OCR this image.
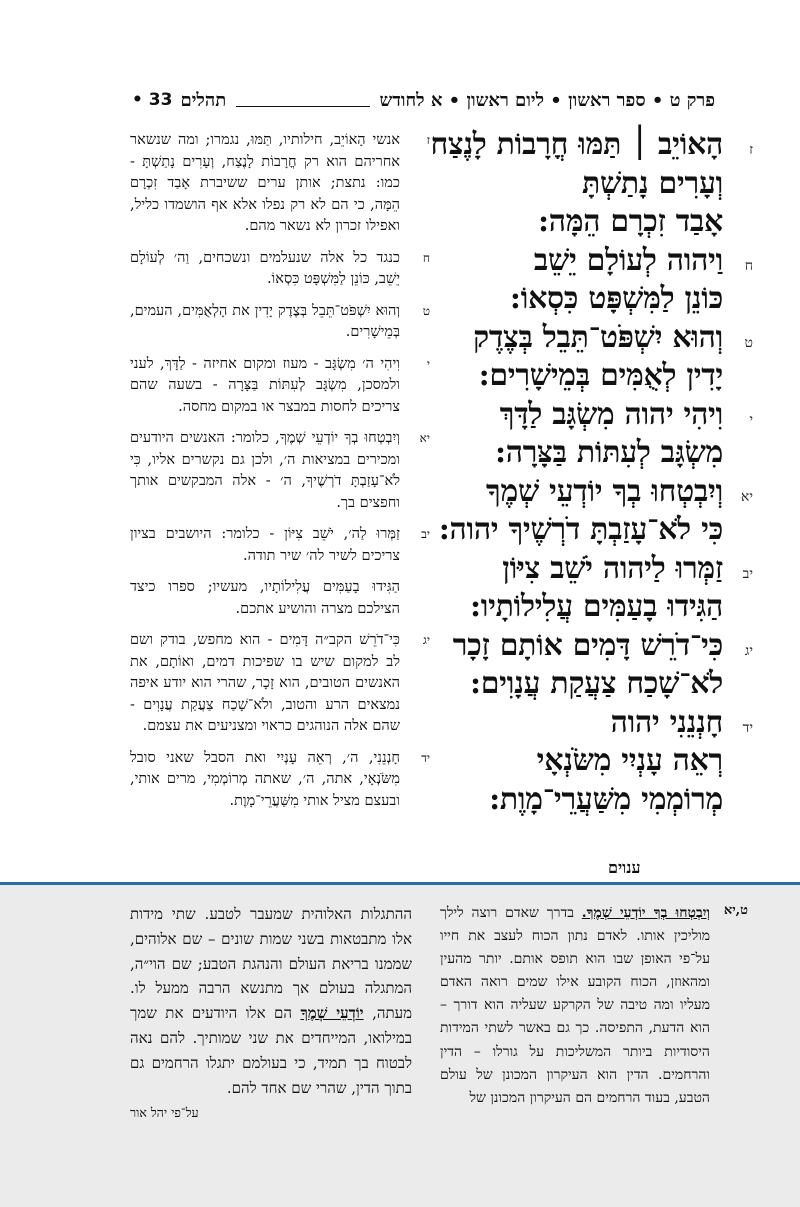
פרק ט • ספר ראשון • ליום ראשון • א לחודש
תהלים
33 •
ז
הָאוֹיֵב ׀ תַּמּוּ חֳרָבוֹת לָנֶצַח
וְעָרִים נָתַשְׁתָּ
אָבַד זִכְרָם הֵמָּה:
ח
וַיהוה לְעוֹלָם יֵשֵׁב
כּוֹנֵן לַמִּשְׁפָּט כִּסְאוֹ:
ט
וְהוּא יִשְׁפֹּט־תֵּבֵל בְּצֶדֶק
יָדִין לְאֻמִּים בְּמֵישָׁרִים:
י
וִיהִי יהוה מִשְׂגָּב לַדָּךְ
מִשְׂגָּב לְעִתּוֹת בַּצָּרָה:
יא
וְיִבְטְחוּ בְךָ יוֹדְעֵי שְׁמֶךָ
כִּי לֹא־עָזַבְתָּ דֹרְשֶׁיךָ יהוה:
יב
זַמְּרוּ לַיהוה יֹשֵׁב צִיּוֹן
הַגִּידוּ בָעַמִּים עֲלִילוֹתָיו:
יג
כִּי־דֹרֵשׁ דָּמִים אוֹתָם זָכָר
לֹא־שָׁכַח צַעֲקַת עֲנָוִים:
יד
חָנְנֵנִי יהוה
רְאֵה עָנְיִי מִשֹּׂנְאָי
מְרוֹמְמִי מִשַּׁעֲרֵי־מָוֶת:
ז
אנשי הָאוֹיֵב, חילותיו, תַּמּוּ, נגמרו; ומה שנשאר אחריהם הוא רק חֳרָבוֹת לָנֶצַח, וְעָרִים נָתַשְׁתָּ - כמו: נתצת; אותן ערים ששיברת אָבַד זִכְרָם הֵמָּה, כי הם לא רק נפלו אלא אף הושמדו כליל, ואפילו זכרון לא נשאר מהם.
ח
כנגד כל אלה שנעלמים ונשכחים, וַה׳ לְעוֹלָם יֵשֵׁב, כּוֹנֵן לַמִּשְׁפָּט כִּסְאוֹ.
ט
וְהוּא יִשְׁפֹּט־תֵּבֵל בְּצֶדֶק יָדִין את הָלְאֻמִּים, העמים, בְּמֵישָׁרִים.
י
וִיהִי ה׳ מִשְׂגָּב - מעוז ומקום אחיזה - לַדָּךְ, לעני ולמסכן, מִשְׂגָּב לְעִתּוֹת בַּצָּרָה - בשעה שהם צריכים לחסות במבצר או במקום מחסה.
יא
וְיִבְטְחוּ בְךָ יוֹדְעֵי שְׁמֶךָ, כלומר: האנשים היודעים ומכירים במציאות ה׳, ולכן גם נקשרים אליו, כִּי לֹא־עָזַבְתָּ דֹרְשֶׁיךָ, ה׳ - אלה המבקשים אותך וחפצים בך.
יב
זַמְּרוּ לַה׳, יֹשֵׁב צִיּוֹן - כלומר: היושבים בציון צריכים לשיר לה׳ שיר תודה.
הַגִּידוּ בָעַמִּים עֲלִילוֹתָיו, מעשיו; ספרו כיצד הצילכם מצרה והושיע אתכם.
יג
כִּי־דֹרֵשׁ הקב״ה דָּמִים - הוא מחפש, בודק ושם לב למקום שיש בו שפיכות דמים, ואוֹתָם, את האנשים הטובים, הוא זָכָר, שהרי הוא יודע איפה נמצאים הרע והטוב, ולֹא־שָׁכַח צַעֲקַת עֲנָוִים - שהם אלה הנוהגים כראוי ומצניעים את עצמם.
יד
חָנְנֵנִי, ה׳, רְאֵה עָנְיִי ואת הסבל שאני סובל מִשֹּׂנְאָי, אתה, ה׳, שאתה מְרוֹמְמִי, מרים אותי, ובעצם מציל אותי מִשַּׁעֲרֵי־מָוֶת.
ענוים
ט,יא
וְיִבְטְחוּ בְךָ יוֹדְעֵי שְׁמֶךָ. בדרך שאדם רוצה לילך מוליכין אותו. לאדם נתון הכוח לעצב את חייו על־פי האופן שבו הוא תופס אותם. יותר מהעין ומהאוזן, הכוח הקובע אילו שמים רואה האדם מעליו ומה טיבה של הקרקע שעליה הוא דורך – הוא הדעת, התפיסה. כך גם באשר לשתי המידות היסודיות ביותר המשליכות על גורלו – הדין והרחמים. הדין הוא העיקרון המכונן של עולם הטבע, בעוד הרחמים הם העיקרון המכונן של
ההתגלות האלוהית שמעבר לטבע. שתי מידות אלו מתבטאות בשני שמות שונים – שם אלוהים, שממנו בריאת העולם והנהגת הטבע; שם הוי״ה, המתגלה בעולם אך מתנשא הרבה ממעל לו. מעתה, יוֹדְעֵי שְׁמֶךָ הם אלו היודעים את שמך במילואו, המייחדים את שני שמותיך. להם נאה לבטוח בך תמיד, כי בעולמם יתגלו הרחמים גם בתוך הדין, שהרי שם אחד להם.
על־פי יהל אור
